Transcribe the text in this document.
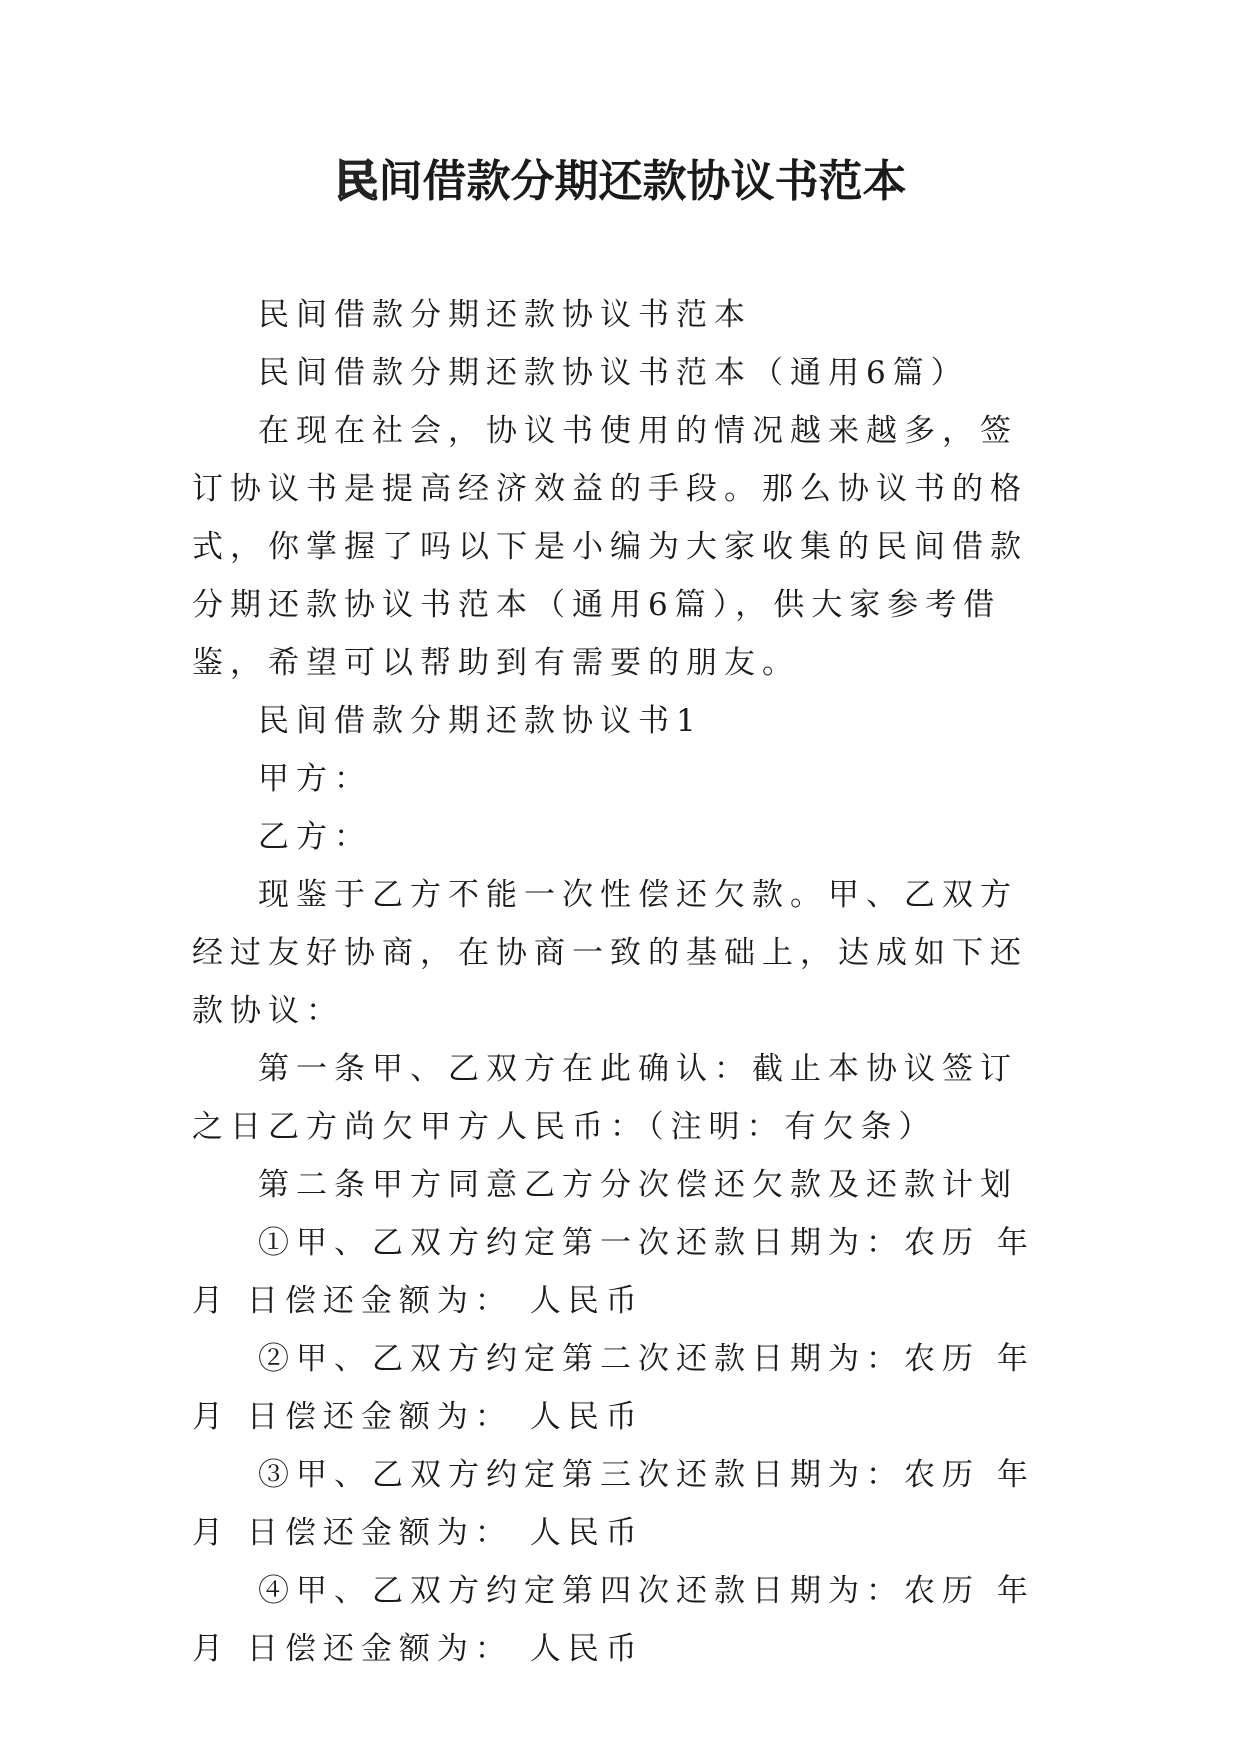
民间借款分期还款协议书范本

民间借款分期还款协议书范本

民间借款分期还款协议书范本（通用6篇）

在现在社会，协议书使用的情况越来越多，签订协议书是提高经济效益的手段。那么协议书的格式，你掌握了吗以下是小编为大家收集的民间借款分期还款协议书范本（通用6篇），供大家参考借鉴，希望可以帮助到有需要的朋友。

民间借款分期还款协议书1

甲方：

乙方：

现鉴于乙方不能一次性偿还欠款。甲、乙双方经过友好协商，在协商一致的基础上，达成如下还款协议：

第一条甲、乙双方在此确认：截止本协议签订之日乙方尚欠甲方人民币：（注明：有欠条）

第二条甲方同意乙方分次偿还欠款及还款计划

①甲、乙双方约定第一次还款日期为：农历 年 月 日偿还金额为： 人民币

②甲、乙双方约定第二次还款日期为：农历 年 月 日偿还金额为： 人民币

③甲、乙双方约定第三次还款日期为：农历 年 月 日偿还金额为： 人民币

④甲、乙双方约定第四次还款日期为：农历 年 月 日偿还金额为： 人民币
